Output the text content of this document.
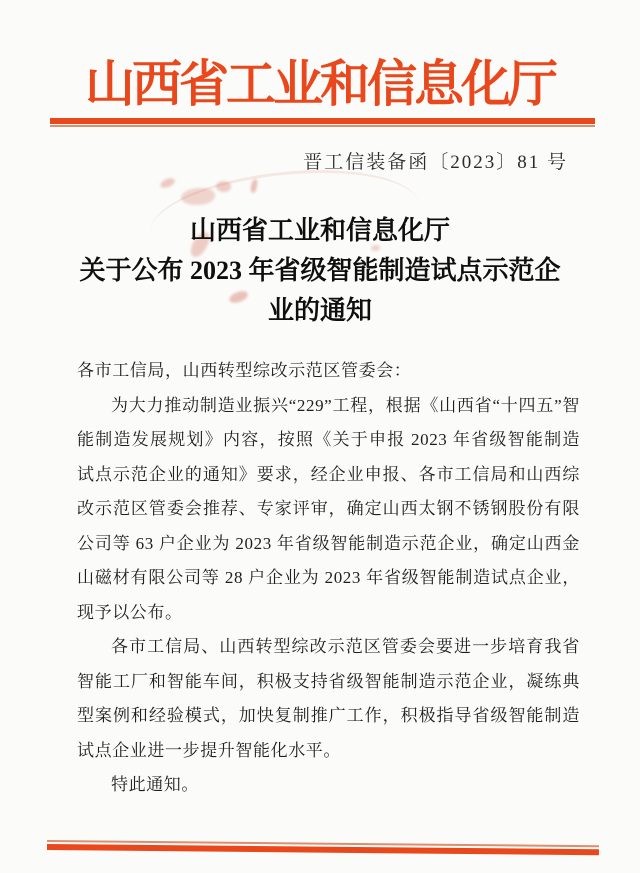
山西省工业和信息化厅
晋工信装备函〔2023〕81 号
山西省工业和信息化厅
关于公布 2023 年省级智能制造试点示范企
业的通知

各市工信局，山西转型综改示范区管委会：

为大力推动制造业振兴“229”工程，根据《山西省“十四五”智能制造发展规划》内容，按照《关于申报 2023 年省级智能制造试点示范企业的通知》要求，经企业申报、各市工信局和山西综改示范区管委会推荐、专家评审，确定山西太钢不锈钢股份有限公司等 63 户企业为 2023 年省级智能制造示范企业，确定山西金山磁材有限公司等 28 户企业为 2023 年省级智能制造试点企业，现予以公布。

各市工信局、山西转型综改示范区管委会要进一步培育我省智能工厂和智能车间，积极支持省级智能制造示范企业，凝练典型案例和经验模式，加快复制推广工作，积极指导省级智能制造试点企业进一步提升智能化水平。

特此通知。
